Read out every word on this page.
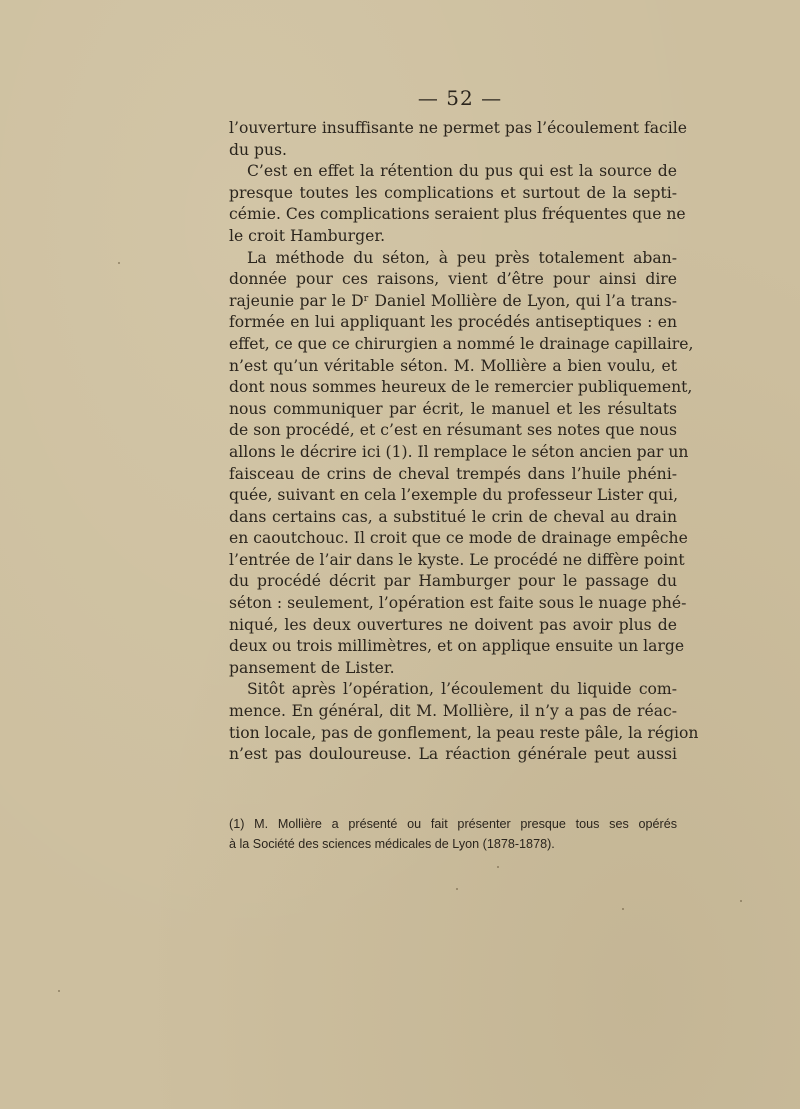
— 52 —
l’ouverture insuffisante ne permet pas l’écoulement facile
du pus.
C’est en effet la rétention du pus qui est la source de
presque toutes les complications et surtout de la septi-
cémie. Ces complications seraient plus fréquentes que ne
le croit Hamburger.
La méthode du séton, à peu près totalement aban-
donnée pour ces raisons, vient d’être pour ainsi dire
rajeunie par le Dʳ Daniel Mollière de Lyon, qui l’a trans-
formée en lui appliquant les procédés antiseptiques : en
effet, ce que ce chirurgien a nommé le drainage capillaire,
n’est qu’un véritable séton. M. Mollière a bien voulu, et
dont nous sommes heureux de le remercier publiquement,
nous communiquer par écrit, le manuel et les résultats
de son procédé, et c’est en résumant ses notes que nous
allons le décrire ici (1). Il remplace le séton ancien par un
faisceau de crins de cheval trempés dans l’huile phéni-
quée, suivant en cela l’exemple du professeur Lister qui,
dans certains cas, a substitué le crin de cheval au drain
en caoutchouc. Il croit que ce mode de drainage empêche
l’entrée de l’air dans le kyste. Le procédé ne diffère point
du procédé décrit par Hamburger pour le passage du
séton : seulement, l’opération est faite sous le nuage phé-
niqué, les deux ouvertures ne doivent pas avoir plus de
deux ou trois millimètres, et on applique ensuite un large
pansement de Lister.
Sitôt après l’opération, l’écoulement du liquide com-
mence. En général, dit M. Mollière, il n’y a pas de réac-
tion locale, pas de gonflement, la peau reste pâle, la région
n’est pas douloureuse. La réaction générale peut aussi
(1) M. Mollière a présenté ou fait présenter presque tous ses opérés
à la Société des sciences médicales de Lyon (1878-1878).
